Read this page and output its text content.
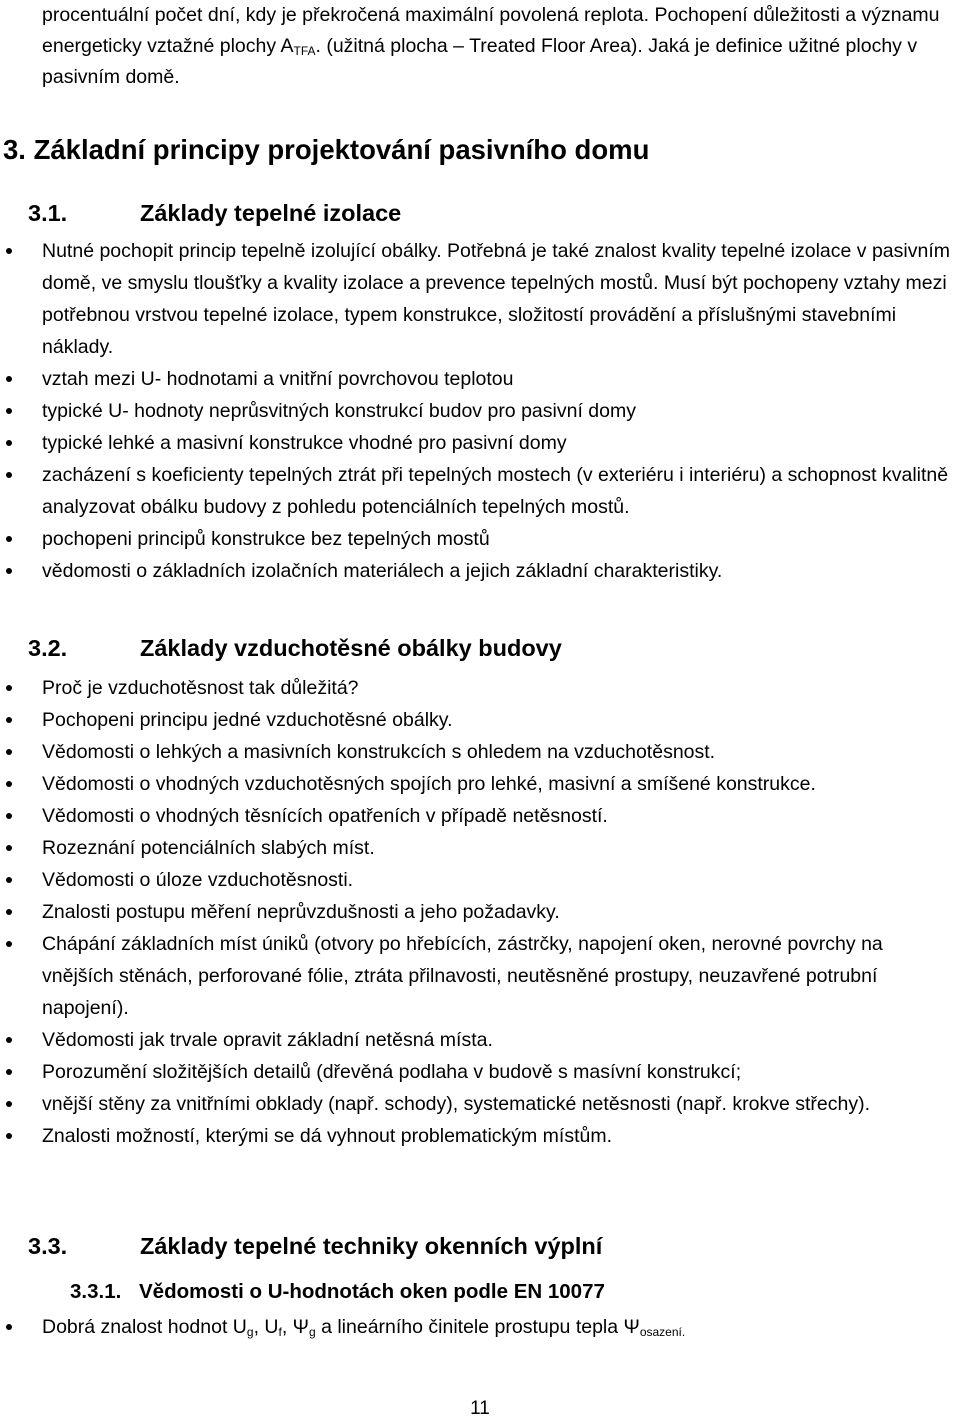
procentuální počet dní, kdy je překročená maximální povolená replota. Pochopení důležitosti a významu energeticky vztažné plochy $A_{TFA}$. (užitná plocha – Treated Floor Area). Jaká je definice užitné plochy v pasivním domě.

3. Základní principy projektování pasivního domu
3.1.	Základy tepelné izolace
Nutné pochopit princip tepelně izolující obálky. Potřebná je také znalost kvality tepelné izolace v pasivním domě, ve smyslu tloušťky a kvality izolace a prevence tepelných mostů. Musí být pochopeny vztahy mezi potřebnou vrstvou tepelné izolace, typem konstrukce, složitostí provádění a příslušnými stavebními náklady.
vztah mezi U- hodnotami a vnitřní povrchovou teplotou
typické U- hodnoty neprůsvitných konstrukcí budov pro pasivní domy
typické lehké a masivní konstrukce vhodné pro pasivní domy
zacházení s koeficienty tepelných ztrát při tepelných mostech (v exteriéru i interiéru) a schopnost kvalitně analyzovat obálku budovy z pohledu potenciálních tepelných mostů.
pochopeni principů konstrukce bez tepelných mostů
vědomosti o základních izolačních materiálech a jejich základní charakteristiky.
3.2.	Základy vzduchotěsné obálky budovy
Proč je vzduchotěsnost tak důležitá?
Pochopeni principu jedné vzduchotěsné obálky.
Vědomosti o lehkých a masivních konstrukcích s ohledem na vzduchotěsnost.
Vědomosti o vhodných vzduchotěsných spojích pro lehké, masivní a smíšené konstrukce.
Vědomosti o vhodných těsnících opatřeních v případě netěsností.
Rozeznání potenciálních slabých míst.
Vědomosti o úloze vzduchotěsnosti.
Znalosti postupu měření neprůvzdušnosti a jeho požadavky.
Chápání základních míst úniků (otvory po hřebících, zástrčky, napojení oken, nerovné povrchy na vnějších stěnách, perforované fólie, ztráta přilnavosti, neutěsněné prostupy, neuzavřené potrubní napojení).
Vědomosti jak trvale opravit základní netěsná místa.
Porozumění složitějších detailů (dřevěná podlaha v budově s masívní konstrukcí;
vnější stěny za vnitřními obklady (např. schody), systematické netěsnosti (např. krokve střechy).
Znalosti možností, kterými se dá vyhnout problematickým místům.
3.3.	Základy tepelné techniky okenních výplní
3.3.1. Vědomosti o U-hodnotách oken podle EN 10077
Dobrá znalost hodnot $U_g$, $U_f$, $\Psi_g$ a lineárního činitele prostupu tepla $\Psi_{osazení.}$
11
